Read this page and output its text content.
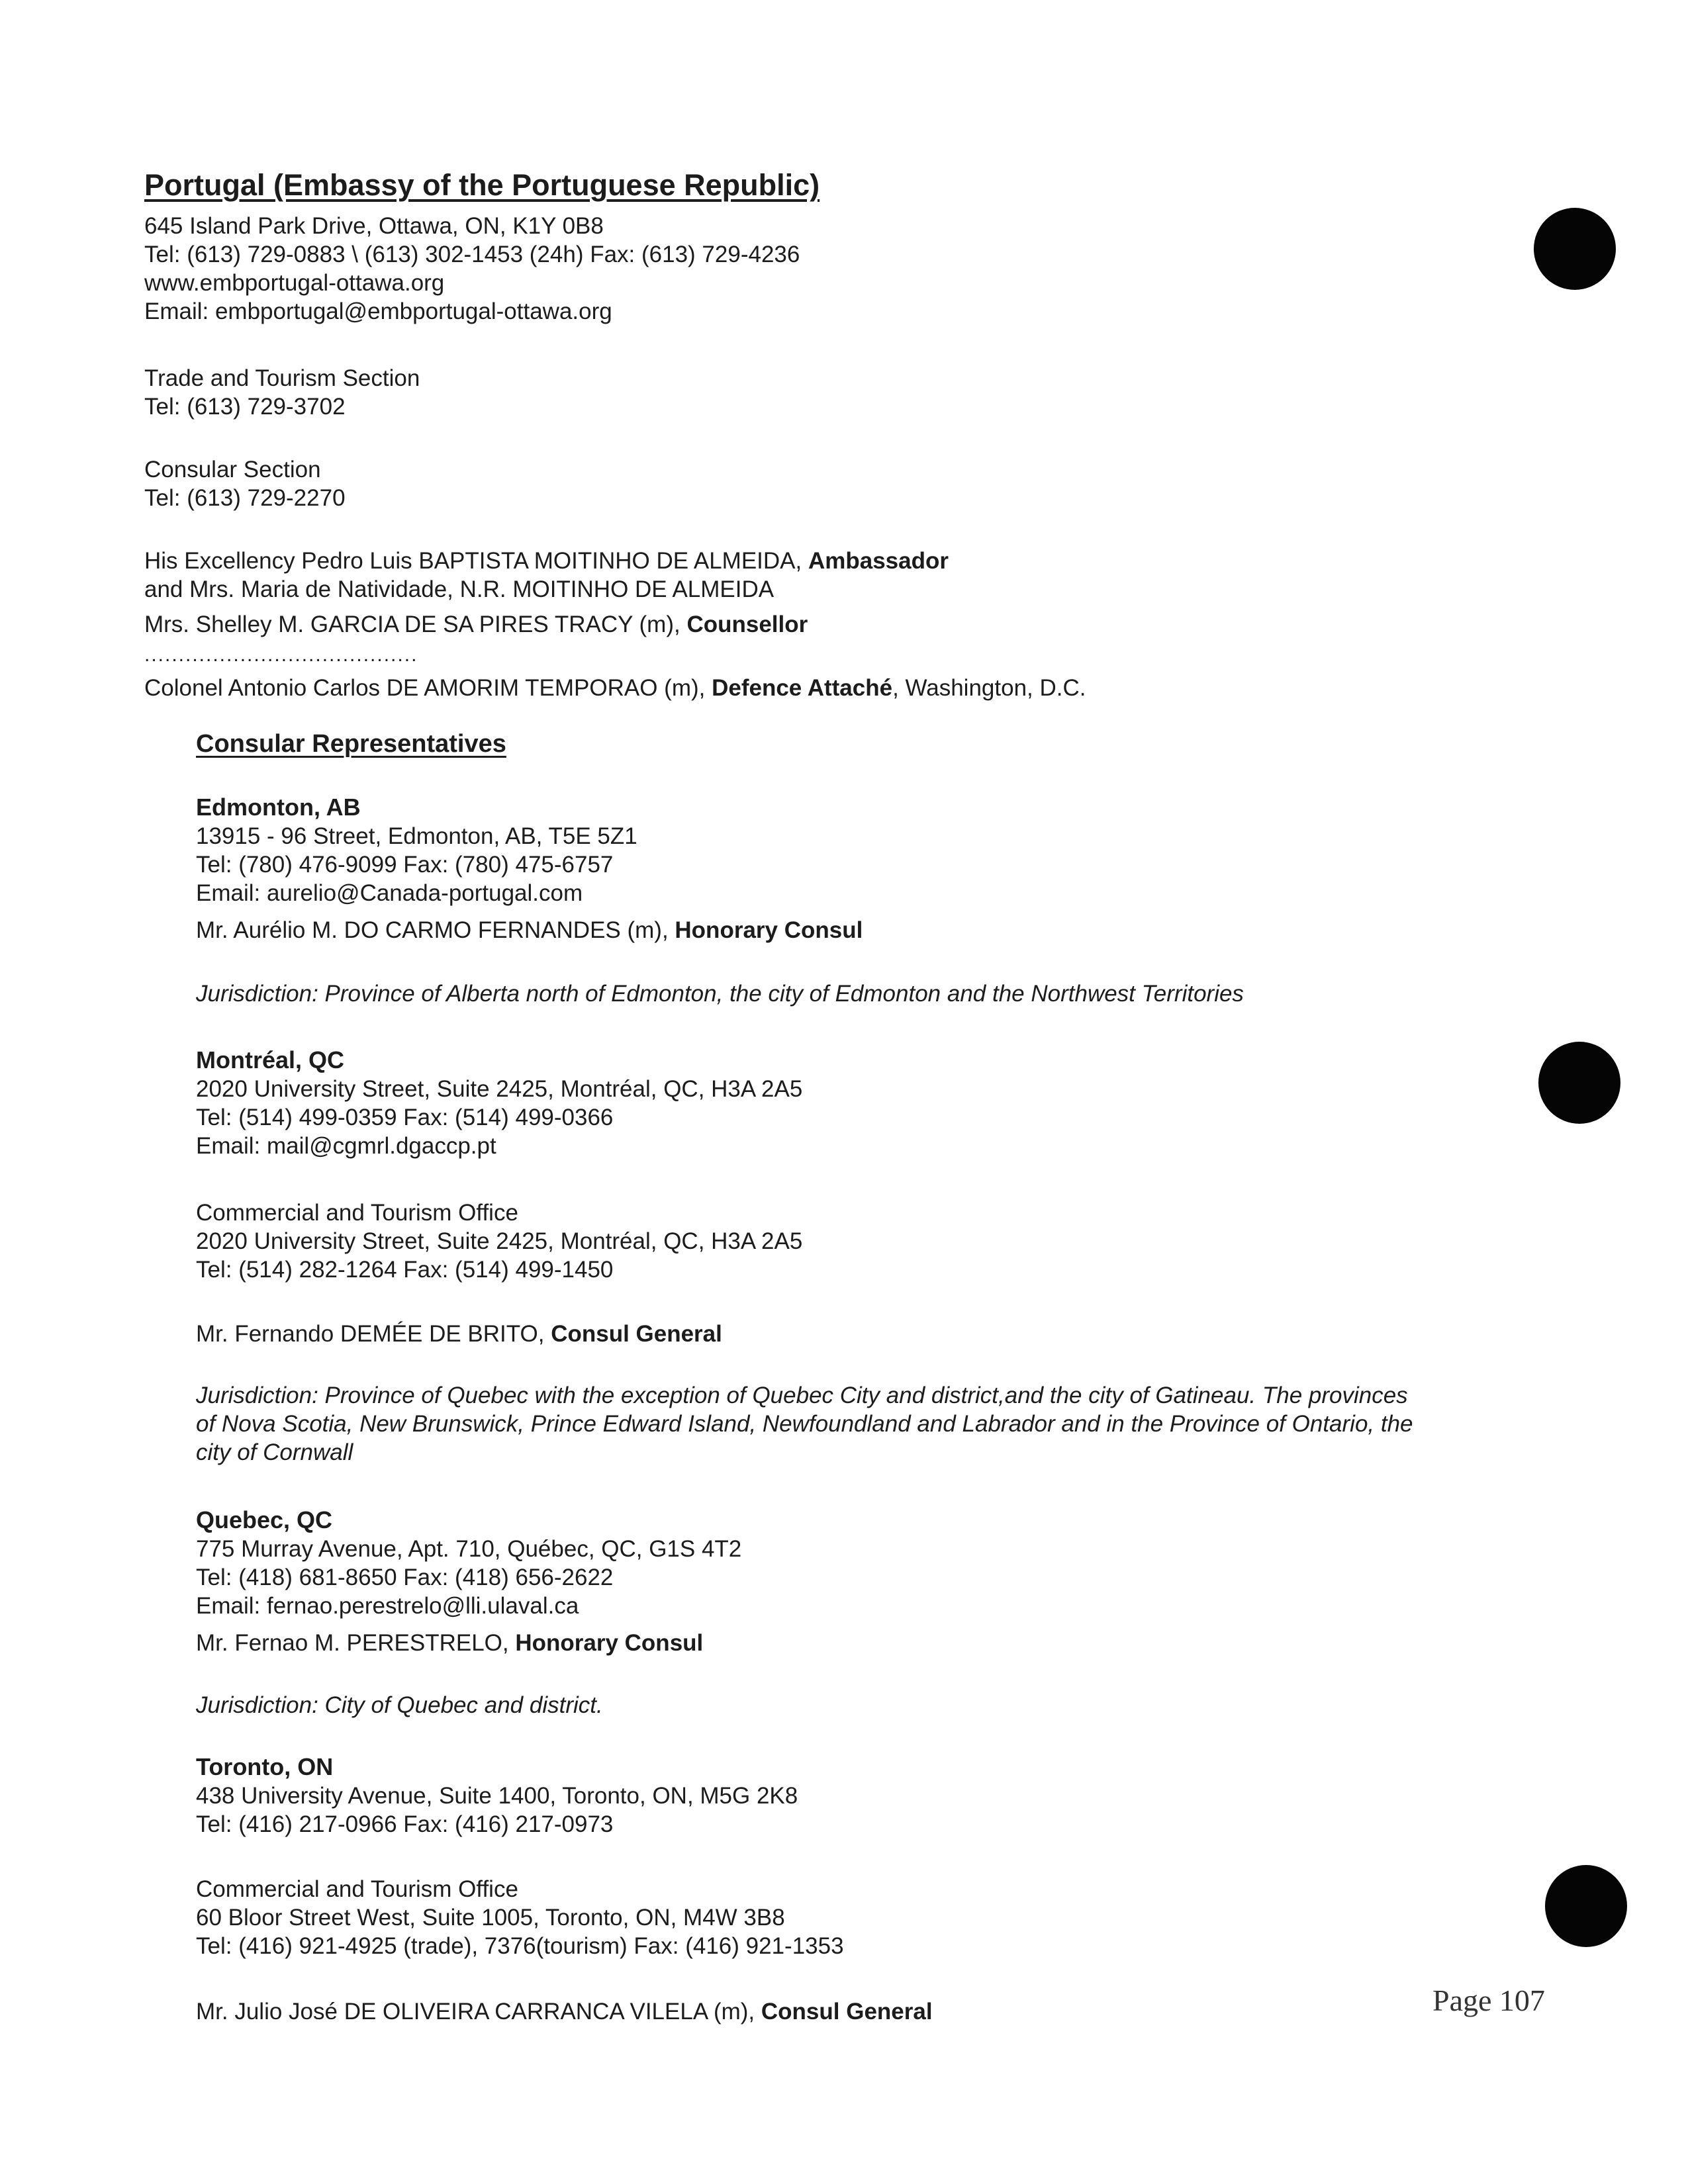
Portugal (Embassy of the Portuguese Republic)
645 Island Park Drive, Ottawa, ON, K1Y 0B8
Tel: (613) 729-0883 \ (613) 302-1453 (24h) Fax: (613) 729-4236
www.embportugal-ottawa.org
Email: embportugal@embportugal-ottawa.org
Trade and Tourism Section
Tel: (613) 729-3702
Consular Section
Tel: (613) 729-2270
His Excellency Pedro Luis BAPTISTA MOITINHO DE ALMEIDA, Ambassador
and Mrs. Maria de Natividade, N.R. MOITINHO DE ALMEIDA
Mrs. Shelley M. GARCIA DE SA PIRES TRACY (m), Counsellor
........................................
Colonel Antonio Carlos DE AMORIM TEMPORAO (m), Defence Attaché, Washington, D.C.
Consular Representatives
Edmonton, AB
13915 - 96 Street, Edmonton, AB, T5E 5Z1
Tel: (780) 476-9099 Fax: (780) 475-6757
Email: aurelio@Canada-portugal.com
Mr. Aurélio M. DO CARMO FERNANDES (m), Honorary Consul
Jurisdiction: Province of Alberta north of Edmonton, the city of Edmonton and the Northwest Territories
Montréal, QC
2020 University Street, Suite 2425, Montréal, QC, H3A 2A5
Tel: (514) 499-0359 Fax: (514) 499-0366
Email: mail@cgmrl.dgaccp.pt
Commercial and Tourism Office
2020 University Street, Suite 2425, Montréal, QC, H3A 2A5
Tel: (514) 282-1264 Fax: (514) 499-1450
Mr. Fernando DEMÉE DE BRITO, Consul General
Jurisdiction: Province of Quebec with the exception of Quebec City and district,and the city of Gatineau. The provinces
of Nova Scotia, New Brunswick, Prince Edward Island, Newfoundland and Labrador and in the Province of Ontario, the
city of Cornwall
Quebec, QC
775 Murray Avenue, Apt. 710, Québec, QC, G1S 4T2
Tel: (418) 681-8650 Fax: (418) 656-2622
Email: fernao.perestrelo@lli.ulaval.ca
Mr. Fernao M. PERESTRELO, Honorary Consul
Jurisdiction: City of Quebec and district.
Toronto, ON
438 University Avenue, Suite 1400, Toronto, ON, M5G 2K8
Tel: (416) 217-0966 Fax: (416) 217-0973
Commercial and Tourism Office
60 Bloor Street West, Suite 1005, Toronto, ON, M4W 3B8
Tel: (416) 921-4925 (trade), 7376(tourism) Fax: (416) 921-1353
Mr. Julio José DE OLIVEIRA CARRANCA VILELA (m), Consul General	Page 107
